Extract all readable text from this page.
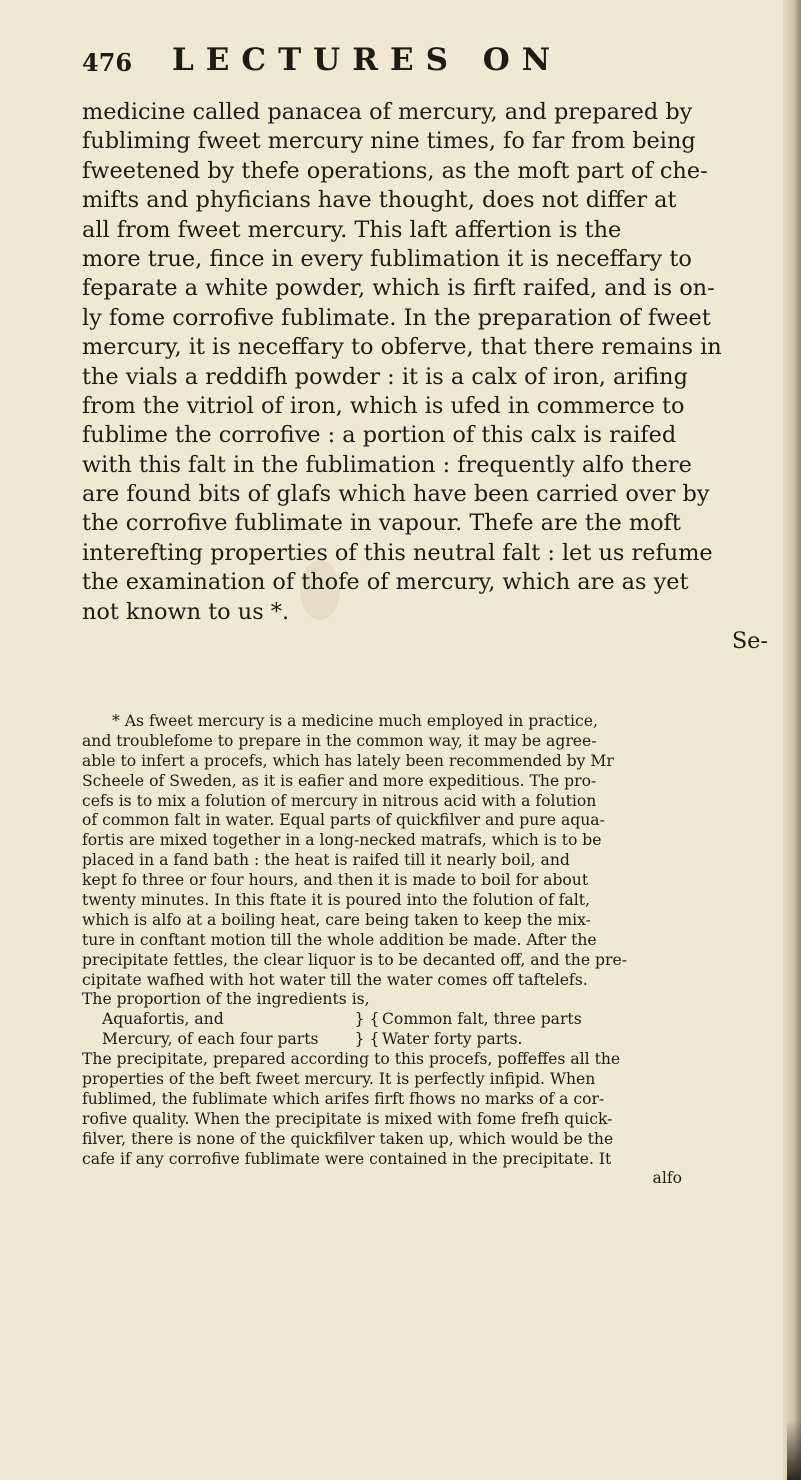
476 LECTURES ON
medicine called panacea of mercury, and prepared by
fubliming fweet mercury nine times, fo far from being
fweetened by thefe operations, as the moft part of che-
mifts and phyficians have thought, does not differ at
all from fweet mercury. This laft affertion is the
more true, fince in every fublimation it is neceffary to
feparate a white powder, which is firft raifed, and is on-
ly fome corrofive fublimate. In the preparation of fweet
mercury, it is neceffary to obferve, that there remains in
the vials a reddifh powder : it is a calx of iron, arifing
from the vitriol of iron, which is ufed in commerce to
fublime the corrofive : a portion of this calx is raifed
with this falt in the fublimation : frequently alfo there
are found bits of glafs which have been carried over by
the corrofive fublimate in vapour. Thefe are the moft
interefting properties of this neutral falt : let us refume
the examination of thofe of mercury, which are as yet
not known to us *.
Se-
* As fweet mercury is a medicine much employed in practice,
and troublefome to prepare in the common way, it may be agree-
able to infert a procefs, which has lately been recommended by Mr
Scheele of Sweden, as it is eafier and more expeditious. The pro-
cefs is to mix a folution of mercury in nitrous acid with a folution
of common falt in water. Equal parts of quickfilver and pure aqua-
fortis are mixed together in a long-necked matrafs, which is to be
placed in a fand bath : the heat is raifed till it nearly boil, and
kept fo three or four hours, and then it is made to boil for about
twenty minutes. In this ftate it is poured into the folution of falt,
which is alfo at a boiling heat, care being taken to keep the mix-
ture in conftant motion till the whole addition be made. After the
precipitate fettles, the clear liquor is to be decanted off, and the pre-
cipitate wafhed with hot water till the water comes off taftelefs.
The proportion of the ingredients is,
Aquafortis, and	} { Common falt, three parts
Mercury, of each four parts	} { Water forty parts.
The precipitate, prepared according to this procefs, poffeffes all the
properties of the beft fweet mercury. It is perfectly infipid. When
fublimed, the fublimate which arifes firft fhows no marks of a cor-
rofive quality. When the precipitate is mixed with fome frefh quick-
filver, there is none of the quickfilver taken up, which would be the
cafe if any corrofive fublimate were contained in the precipitate. It
alfo
